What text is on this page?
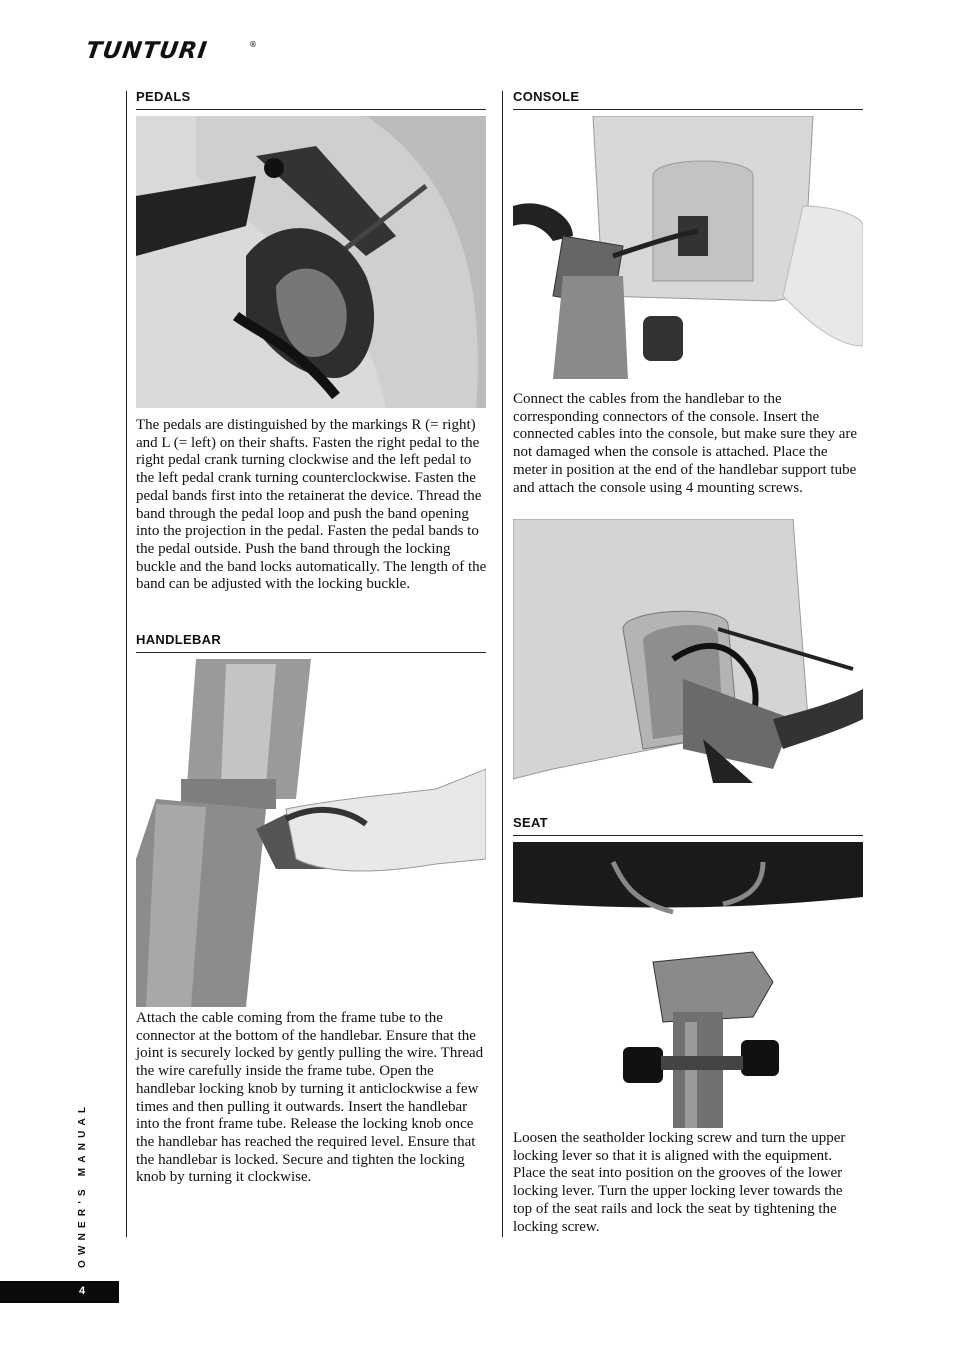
TUNTURI	®
PEDALS

The pedals are distinguished by the markings R (= right) and L (= left) on their shafts. Fasten the right pedal to the right pedal crank turning clockwise and the left pedal to the left pedal crank turning counterclockwise. Fasten the pedal bands first into the retainerat the device. Thread the band through the pedal loop and push the band opening into the projection in the pedal. Fasten the pedal bands to the pedal outside. Push the band through the locking buckle and the band locks automatically. The length of the band can be adjusted with the locking buckle.

HANDLEBAR

Attach the cable coming from the frame tube to the connector at the bottom of the handlebar. Ensure that the joint is securely locked by gently pulling the wire. Thread the wire carefully inside the frame tube. Open the handlebar locking knob by turning it anticlockwise a few times and then pulling it outwards. Insert the handlebar into the front frame tube. Release the locking knob once the handlebar has reached the required level. Ensure that the handlebar is locked. Secure and tighten the locking knob by turning it clockwise.

CONSOLE

Connect the cables from the handlebar to the corresponding connectors of the console. Insert the connected cables into the console, but make sure they are not damaged when the console is attached. Place the meter in position at the end of the handlebar support tube and attach the console using 4 mounting screws.

SEAT

Loosen the seatholder locking screw and turn the upper locking lever so that it is aligned with the equipment. Place the seat into position on the grooves of the lower locking lever. Turn the upper locking lever towards the top of the seat rails and lock the seat by tightening the locking screw.

OWNER'S MANUAL
4
